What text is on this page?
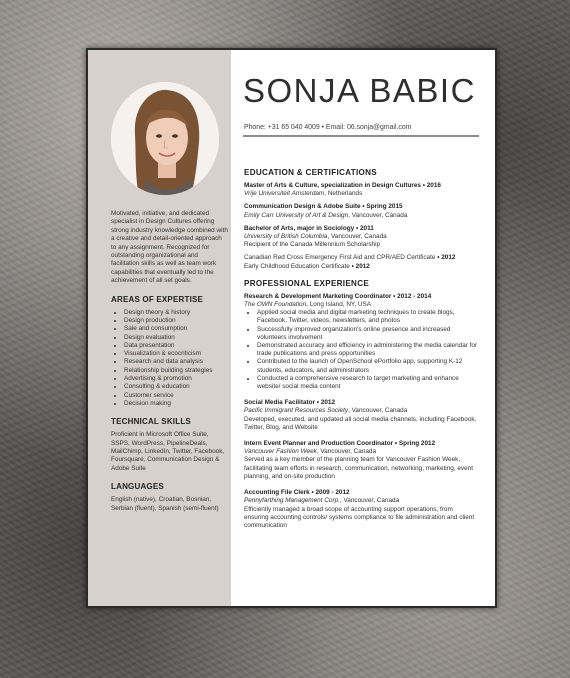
Motivated, initiative, and dedicated specialist in Design Cultures offering strong industry knowledge combined with a creative and detail-oriented approach to any assignment. Recognized for outstanding organizational and facilitation skills as well as team work capabilities that eventually led to the achievement of all set goals.
AREAS OF EXPERTISE
• Design theory & history
• Design production
• Sale and consumption
• Design evaluation
• Data presentation
• Visualization & ecocriticism
• Research and data analysis
• Relationship building strategies
• Advertising & promotion
• Consulting & education
• Customer service
• Decision making
TECHNICAL SKILLS
Proficient in Microsoft Office Suite, SSPS, WordPress, PipelineDeals, MailChimp, LinkedIn, Twitter, Facebook, Foursquare, Communication Design & Adobe Suite
LANGUAGES
English (native), Croatian, Bosnian, Serbian (fluent), Spanish (semi-fluent)
SONJA BABIC
Phone: +31 65 040 4009 • Email: 06.sonja@gmail.com
EDUCATION & CERTIFICATIONS
Master of Arts & Culture, specialization in Design Cultures • 2016
Vrije Universiteit Amsterdam, Netherlands
Communication Design & Adobe Suite • Spring 2015
Emily Carr University of Art & Design, Vancouver, Canada
Bachelor of Arts, major in Sociology • 2011
University of British Columbia, Vancouver, Canada
Recipient of the Canada Millennium Scholarship
Canadian Red Cross Emergency First Aid and CPR/AED Certificate • 2012
Early Childhood Education Certificate • 2012
PROFESSIONAL EXPERIENCE
Research & Development Marketing Coordinator • 2012 - 2014
The OWN Foundation, Long Island, NY, USA
• Applied social media and digital marketing techniques to create blogs, Facebook, Twitter, videos, newsletters, and photos
• Successfully improved organization's online presence and increased volunteers involvement
• Demonstrated accuracy and efficiency in administering the media calendar for trade publications and press opportunities
• Contributed to the launch of OpenSchool ePortfolio app, supporting K-12 students, educators, and administrators
• Conducted a comprehensive research to target marketing and enhance website/ social media content
Social Media Facilitator • 2012
Pacific Immigrant Resources Society, Vancouver, Canada
Developed, executed, and updated all social media channels, including Facebook, Twitter, Blog, and Website
Intern Event Planner and Production Coordinator • Spring 2012
Vancouver Fashion Week, Vancouver, Canada
Served as a key member of the planning team for Vancouver Fashion Week, facilitating team efforts in research, communication, networking, marketing, event planning, and on-site production
Accounting File Clerk • 2009 - 2012
Pennyfarthing Management Corp., Vancouver, Canada
Efficiently managed a broad scope of accounting support operations, from ensuring accounting controls/ systems compliance to file administration and client communication
